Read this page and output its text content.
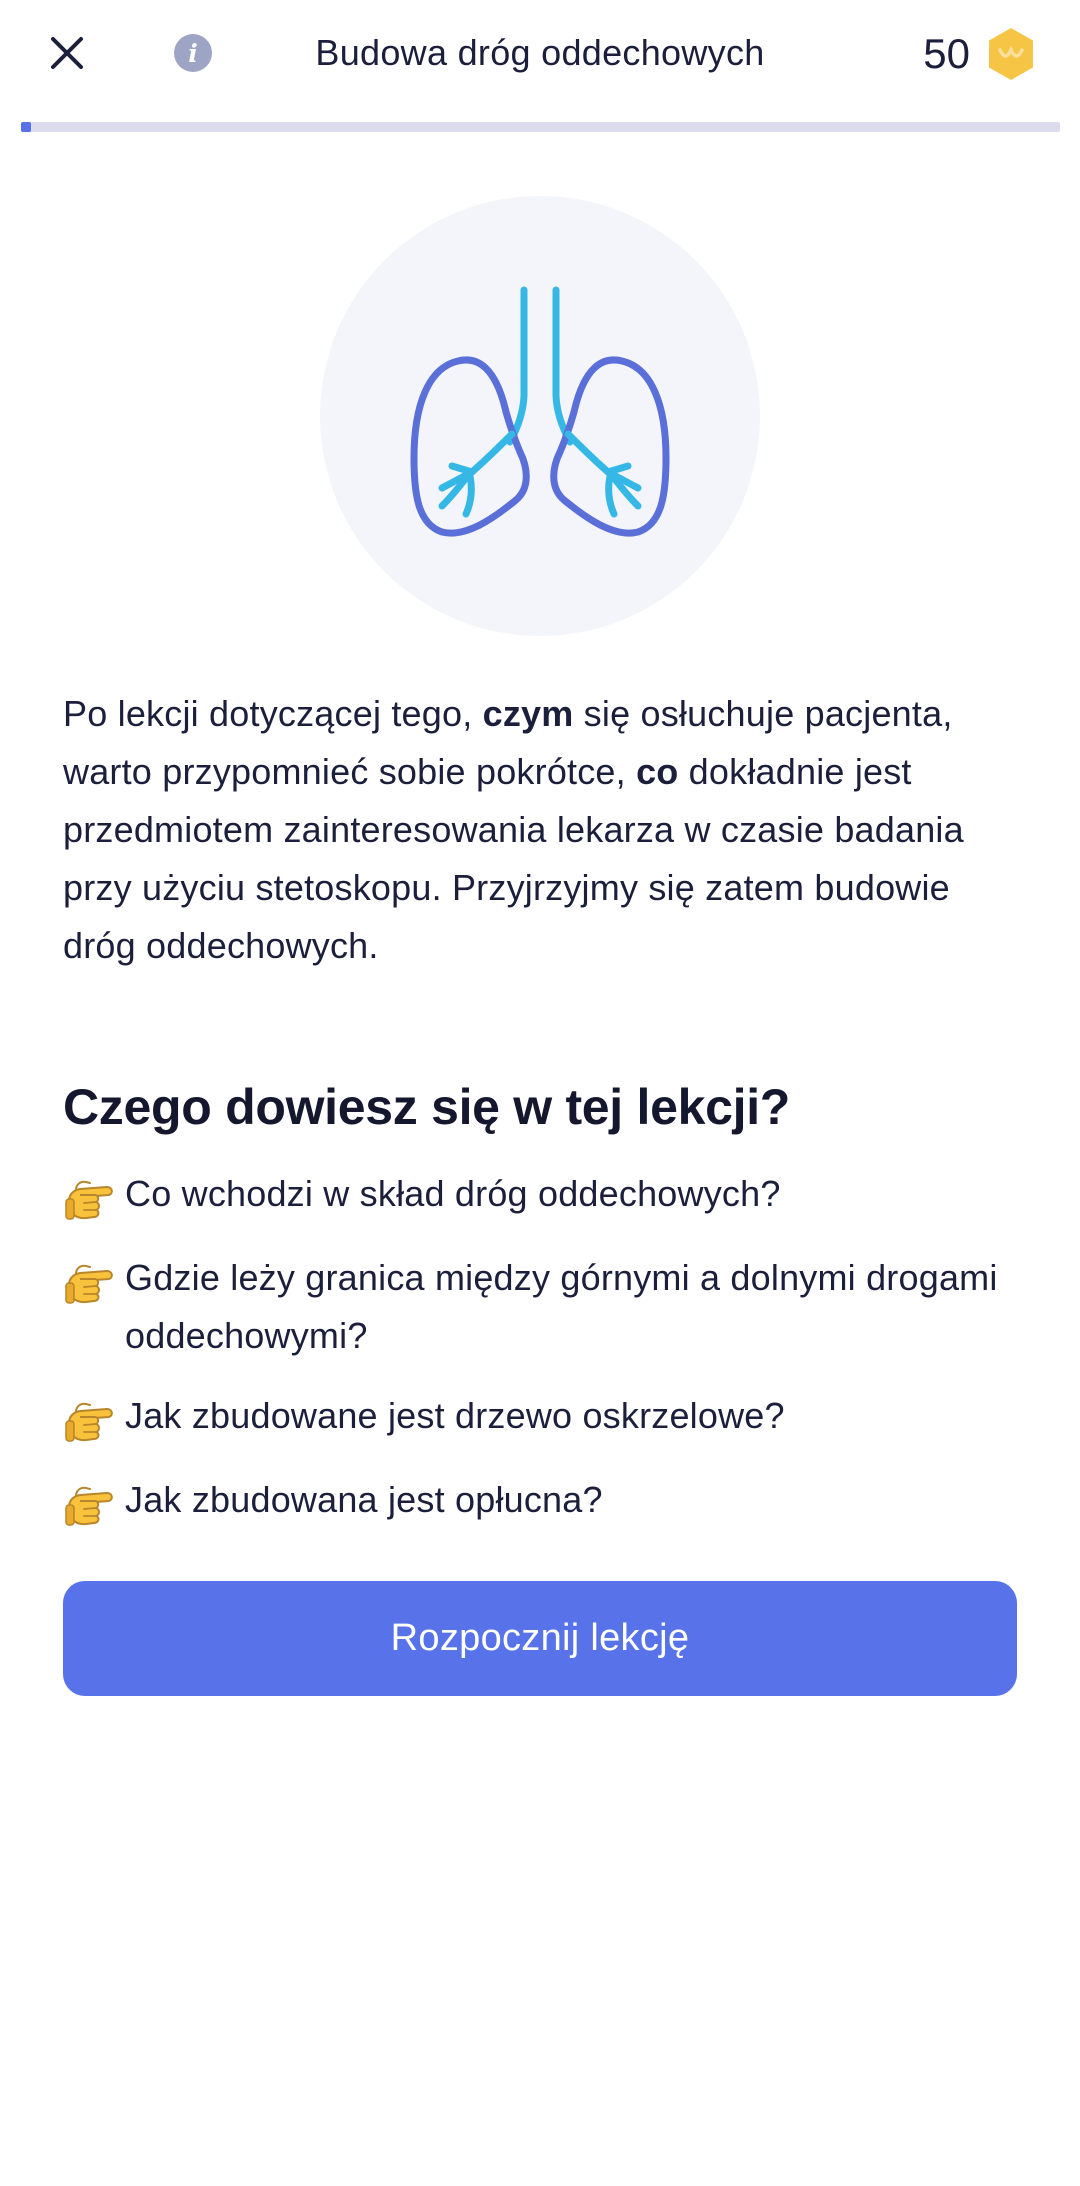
i	Budowa dróg oddechowych	50

Po lekcji dotyczącej tego, czym się osłuchuje pacjenta, warto przypomnieć sobie pokrótce, co dokładnie jest przedmiotem zainteresowania lekarza w czasie badania przy użyciu stetoskopu. Przyjrzyjmy się zatem budowie dróg oddechowych.

Czego dowiesz się w tej lekcji?
Co wchodzi w skład dróg oddechowych?
Gdzie leży granica między górnymi a dolnymi drogami oddechowymi?
Jak zbudowane jest drzewo oskrzelowe?
Jak zbudowana jest opłucna?
Rozpocznij lekcję
